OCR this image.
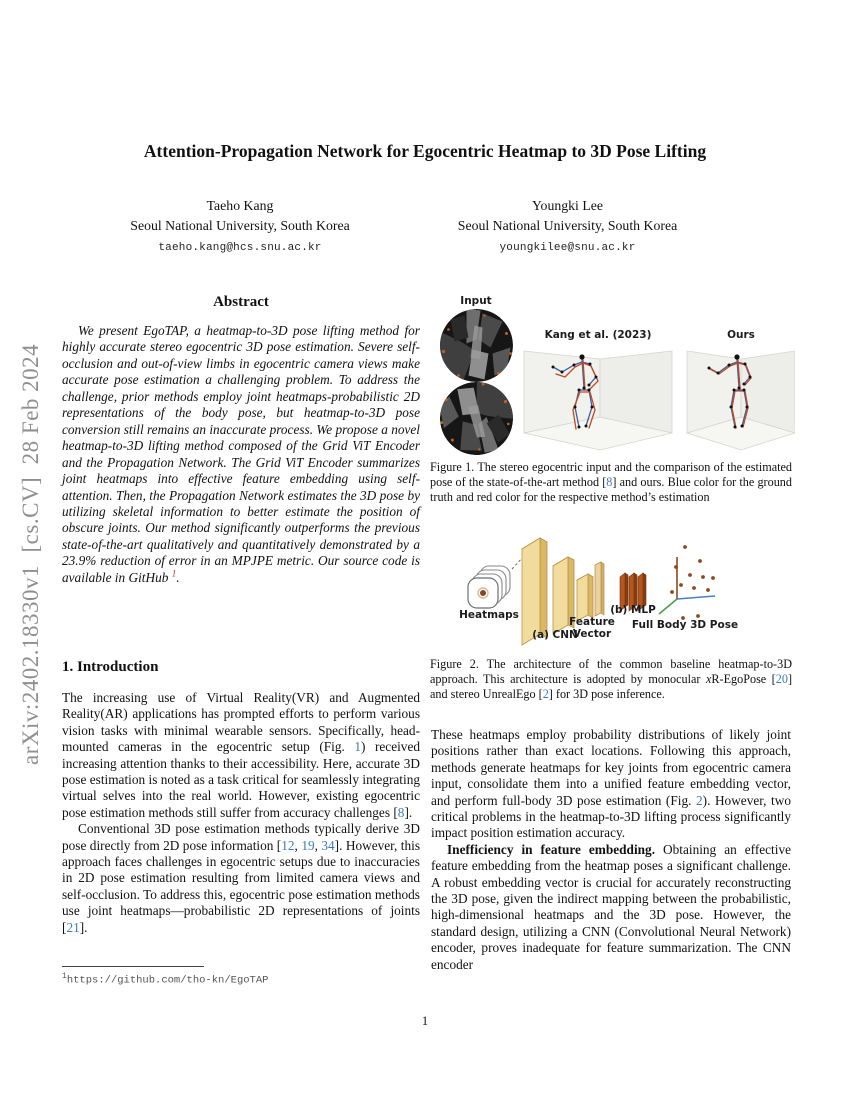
arXiv:2402.18330v1  [cs.CV]  28 Feb 2024
Attention-Propagation Network for Egocentric Heatmap to 3D Pose Lifting
Taeho Kang
Seoul National University, South Korea
taeho.kang@hcs.snu.ac.kr
Youngki Lee
Seoul National University, South Korea
youngkilee@snu.ac.kr
Abstract

We present EgoTAP, a heatmap-to-3D pose lifting method for highly accurate stereo egocentric 3D pose estimation. Severe self-occlusion and out-of-view limbs in egocentric camera views make accurate pose estimation a challenging problem. To address the challenge, prior methods employ joint heatmaps-probabilistic 2D representations of the body pose, but heatmap-to-3D pose conversion still remains an inaccurate process. We propose a novel heatmap-to-3D lifting method composed of the Grid ViT Encoder and the Propagation Network. The Grid ViT Encoder summarizes joint heatmaps into effective feature embedding using self-attention. Then, the Propagation Network estimates the 3D pose by utilizing skeletal information to better estimate the position of obscure joints. Our method significantly outperforms the previous state-of-the-art qualitatively and quantitatively demonstrated by a 23.9% reduction of error in an MPJPE metric. Our source code is available in GitHub $^1$.

1. Introduction

The increasing use of Virtual Reality(VR) and Augmented Reality(AR) applications has prompted efforts to perform various vision tasks with minimal wearable sensors. Specifically, head-mounted cameras in the egocentric setup (Fig. 1) received increasing attention thanks to their accessibility. Here, accurate 3D pose estimation is noted as a task critical for seamlessly integrating virtual selves into the real world. However, existing egocentric pose estimation methods still suffer from accuracy challenges [8].

Conventional 3D pose estimation methods typically derive 3D pose directly from 2D pose information [12, 19, 34]. However, this approach faces challenges in egocentric setups due to inaccuracies in 2D pose estimation resulting from limited camera views and self-occlusion. To address this, egocentric pose estimation methods use joint heatmaps—probabilistic 2D representations of joints [21].

$^1$https://github.com/tho-kn/EgoTAP
Input
Kang et al. (2023)	Ours
Figure 1. The stereo egocentric input and the comparison of the estimated pose of the state-of-the-art method [8] and ours. Blue color for the ground truth and red color for the respective method’s estimation
Heatmaps
(a) CNN
Feature
Vector
(b) MLP
Full Body 3D Pose
Figure 2. The architecture of the common baseline heatmap-to-3D approach. This architecture is adopted by monocular xR-EgoPose [20] and stereo UnrealEgo [2] for 3D pose inference.

These heatmaps employ probability distributions of likely joint positions rather than exact locations. Following this approach, methods generate heatmaps for key joints from egocentric camera input, consolidate them into a unified feature embedding vector, and perform full-body 3D pose estimation (Fig. 2). However, two critical problems in the heatmap-to-3D lifting process significantly impact position estimation accuracy.

Inefficiency in feature embedding. Obtaining an effective feature embedding from the heatmap poses a significant challenge. A robust embedding vector is crucial for accurately reconstructing the 3D pose, given the indirect mapping between the probabilistic, high-dimensional heatmaps and the 3D pose. However, the standard design, utilizing a CNN (Convolutional Neural Network) encoder, proves inadequate for feature summarization. The CNN encoder

1
